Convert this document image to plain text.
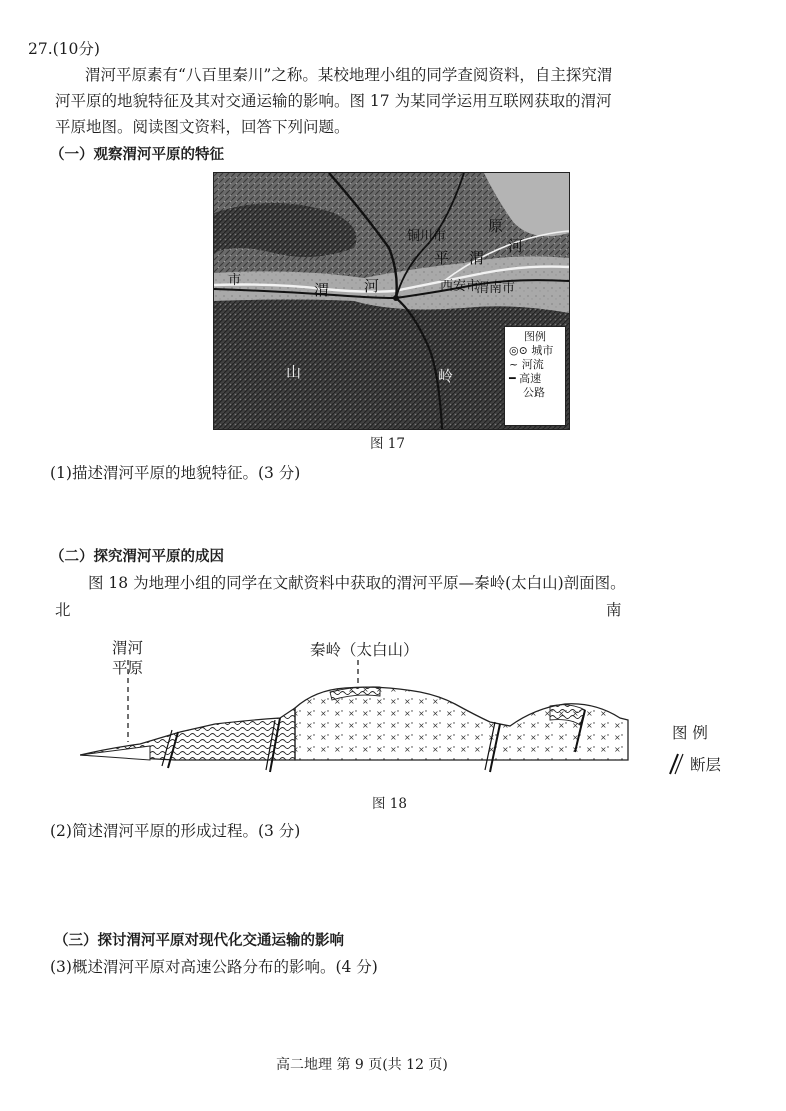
27.(10分)
渭河平原素有“八百里秦川”之称。某校地理小组的同学查阅资料，自主探究渭
河平原的地貌特征及其对交通运输的影响。图 17 为某同学运用互联网获取的渭河
平原地图。阅读图文资料，回答下列问题。
（一）观察渭河平原的特征
铜川市
西安市
渭南市
市
渭 河
平 渭
河
原
山	岭
图例
◎⊙ 城市
~ 河流
━ 高速
公路
图 17
(1)描述渭河平原的地貌特征。(3 分)
（二）探究渭河平原的成因
图 18 为地理小组的同学在文献资料中获取的渭河平原—秦岭(太白山)剖面图。
北	南
渭河
平原
秦岭（太白山）
图 例
断层
图 18
(2)简述渭河平原的形成过程。(3 分)
（三）探讨渭河平原对现代化交通运输的影响
(3)概述渭河平原对高速公路分布的影响。(4 分)
高二地理 第 9 页(共 12 页)
